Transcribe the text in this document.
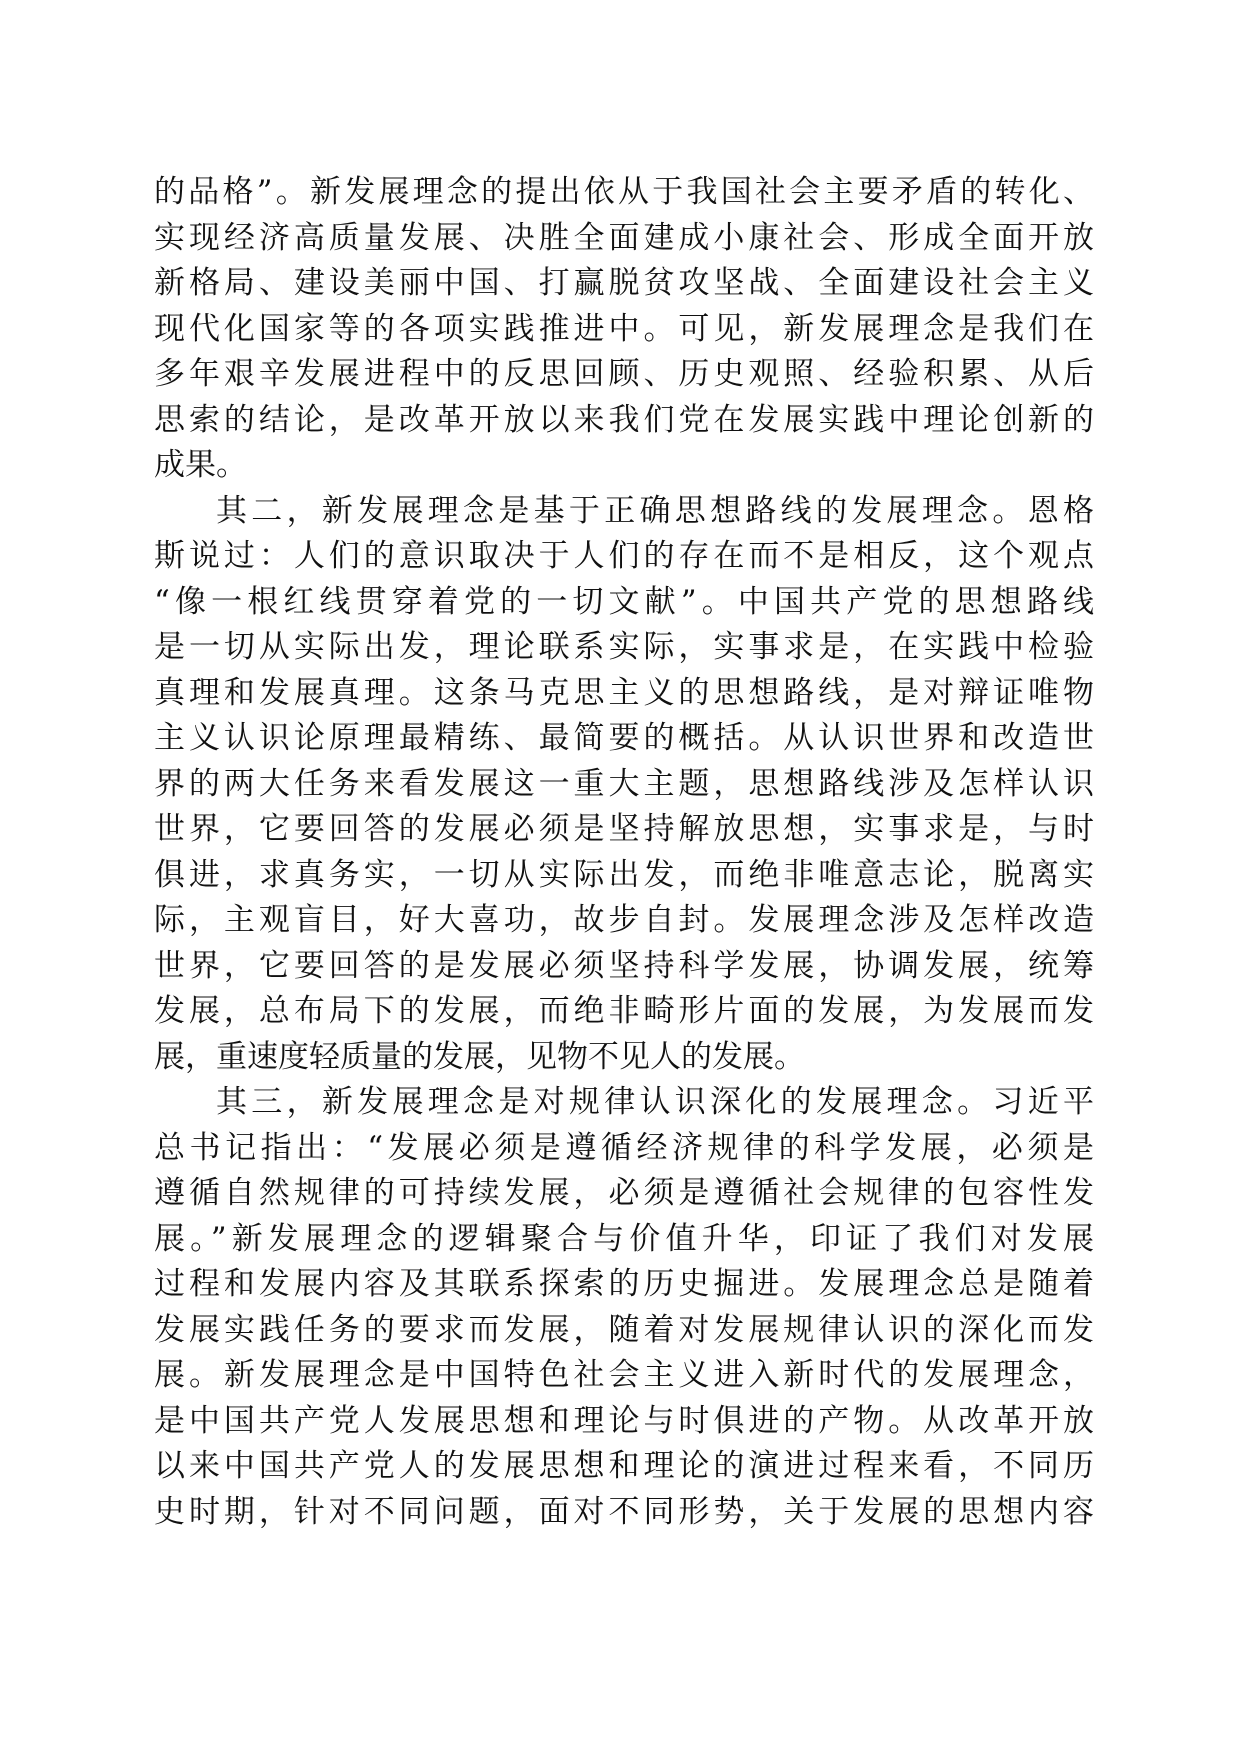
的品格”。新发展理念的提出依从于我国社会主要矛盾的转化、
实现经济高质量发展、决胜全面建成小康社会、形成全面开放
新格局、建设美丽中国、打赢脱贫攻坚战、全面建设社会主义
现代化国家等的各项实践推进中。可见，新发展理念是我们在
多年艰辛发展进程中的反思回顾、历史观照、经验积累、从后
思索的结论，是改革开放以来我们党在发展实践中理论创新的
成果。
其二，新发展理念是基于正确思想路线的发展理念。恩格
斯说过：人们的意识取决于人们的存在而不是相反，这个观点
“像一根红线贯穿着党的一切文献”。中国共产党的思想路线
是一切从实际出发，理论联系实际，实事求是，在实践中检验
真理和发展真理。这条马克思主义的思想路线，是对辩证唯物
主义认识论原理最精练、最简要的概括。从认识世界和改造世
界的两大任务来看发展这一重大主题，思想路线涉及怎样认识
世界，它要回答的发展必须是坚持解放思想，实事求是，与时
俱进，求真务实，一切从实际出发，而绝非唯意志论，脱离实
际，主观盲目，好大喜功，故步自封。发展理念涉及怎样改造
世界，它要回答的是发展必须坚持科学发展，协调发展，统筹
发展，总布局下的发展，而绝非畸形片面的发展，为发展而发
展，重速度轻质量的发展，见物不见人的发展。
其三，新发展理念是对规律认识深化的发展理念。习近平
总书记指出：“发展必须是遵循经济规律的科学发展，必须是
遵循自然规律的可持续发展，必须是遵循社会规律的包容性发
展。”新发展理念的逻辑聚合与价值升华，印证了我们对发展
过程和发展内容及其联系探索的历史掘进。发展理念总是随着
发展实践任务的要求而发展，随着对发展规律认识的深化而发
展。新发展理念是中国特色社会主义进入新时代的发展理念，
是中国共产党人发展思想和理论与时俱进的产物。从改革开放
以来中国共产党人的发展思想和理论的演进过程来看，不同历
史时期，针对不同问题，面对不同形势，关于发展的思想内容
